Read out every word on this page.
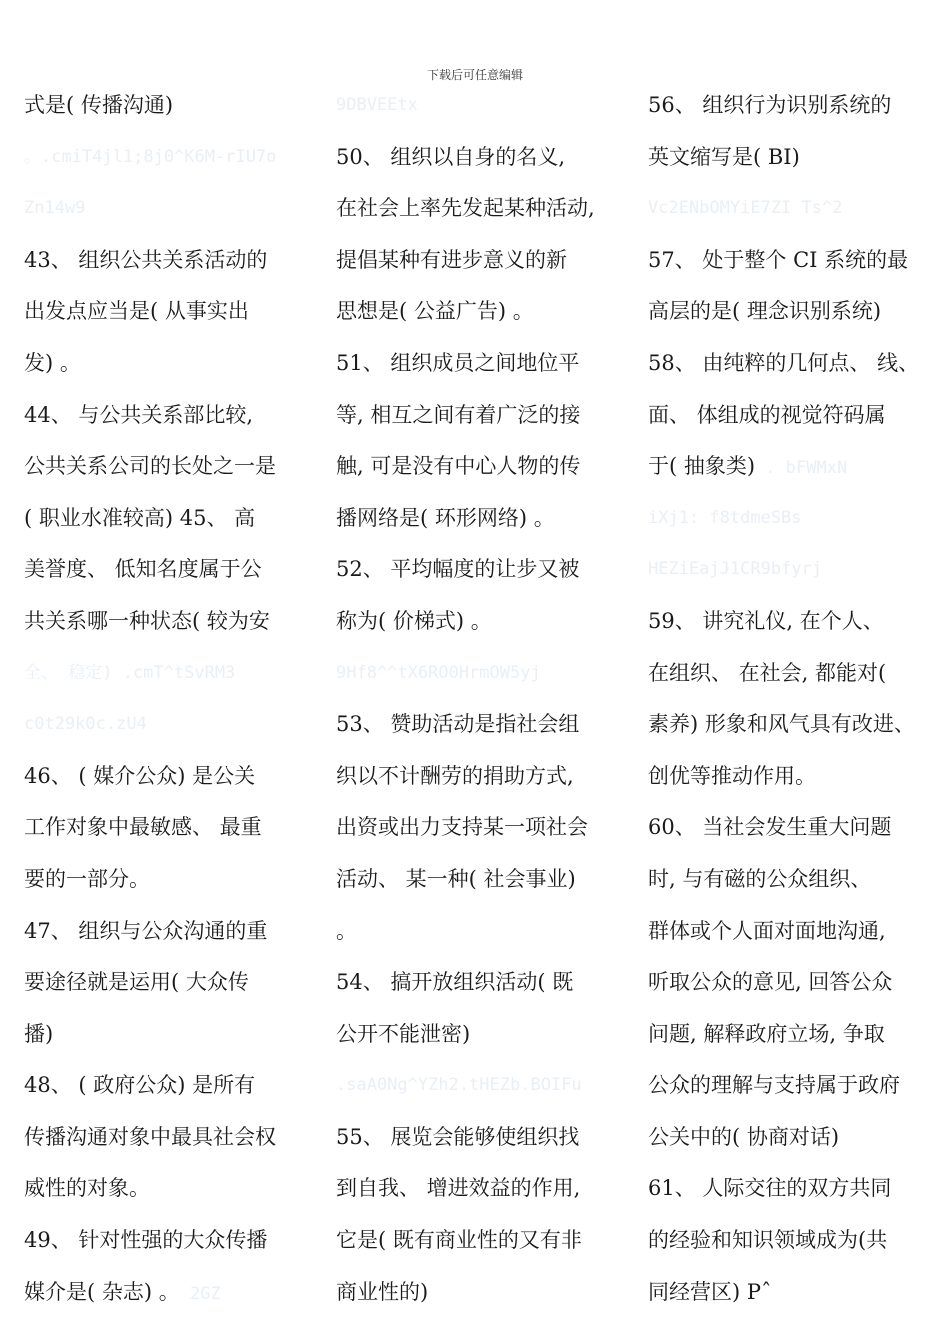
下载后可任意编辑
式是( 传播沟通)
。.cmiT4jl1;8j0^K6M-rIU7o
Zn14w9
43、 组织公共关系活动的
出发点应当是( 从事实出
发) 。
44、 与公共关系部比较,
公共关系公司的长处之一是
( 职业水准较高) 45、 高
美誉度、 低知名度属于公
共关系哪一种状态( 较为安
全、 稳定) .cmT^tSvRM3
c0t29k0c.zU4
46、 ( 媒介公众) 是公关
工作对象中最敏感、 最重
要的一部分。
47、 组织与公众沟通的重
要途径就是运用( 大众传
播)
48、 ( 政府公众) 是所有
传播沟通对象中最具社会权
威性的对象。
49、 针对性强的大众传播
媒介是( 杂志) 。 2GZ
9DBVEEtx
50、 组织以自身的名义,
在社会上率先发起某种活动,
提倡某种有进步意义的新
思想是( 公益广告) 。
51、 组织成员之间地位平
等, 相互之间有着广泛的接
触, 可是没有中心人物的传
播网络是( 环形网络) 。
52、 平均幅度的让步又被
称为( 价梯式) 。
9Hf8^^tX6RO0HrmOW5yj
53、 赞助活动是指社会组
织以不计酬劳的捐助方式,
出资或出力支持某一项社会
活动、 某一种( 社会事业)
。
54、 搞开放组织活动( 既
公开不能泄密)
.saA0Ng^YZh2.tHEZb.BOIFu
55、 展览会能够使组织找
到自我、 增进效益的作用,
它是( 既有商业性的又有非
商业性的)
56、 组织行为识别系统的
英文缩写是( BI)
Vc2ENbOMYiE7ZI Ts^2
57、 处于整个 CI 系统的最
高层的是( 理念识别系统)
58、 由纯粹的几何点、 线、
面、 体组成的视觉符码属
于( 抽象类) . bFWMxN
iXj1: f8tdmeSBs
HEZiEajJ1CR9bfyrj
59、 讲究礼仪, 在个人、
在组织、 在社会, 都能对(
素养) 形象和风气具有改进、
创优等推动作用。
60、 当社会发生重大问题
时, 与有磁的公众组织、
群体或个人面对面地沟通,
听取公众的意见, 回答公众
问题, 解释政府立场, 争取
公众的理解与支持属于政府
公关中的( 协商对话)
61、 人际交往的双方共同
的经验和知识领域成为(共
同经营区) Pˆ
